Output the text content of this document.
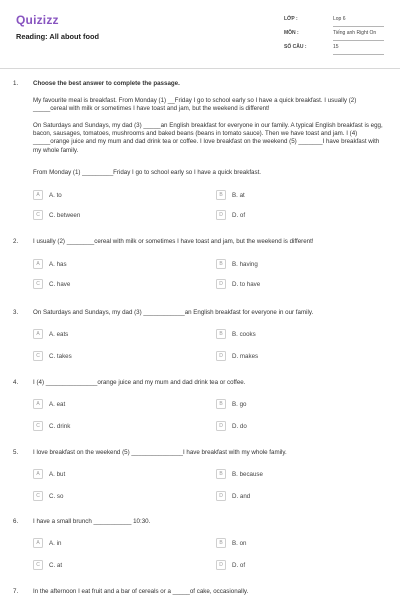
Quizizz
Reading: All about food
LỚP :	Lop 6
MÔN :	Tiếng anh Right On
SỐ CÂU :	15
1. Choose the best answer to complete the passage.
My favourite meal is breakfast. From Monday (1) __Friday I go to school early so I have a quick breakfast. I usually (2) _____cereal with milk or sometimes I have toast and jam, but the weekend is different!
On Saturdays and Sundays, my dad (3) _____an English breakfast for everyone in our family. A typical English breakfast is egg, bacon, sausages, tomatoes, mushrooms and baked beans (beans in tomato sauce). Then we have toast and jam. I (4) _____orange juice and my mum and dad drink tea or coffee. I love breakfast on the weekend (5) _______I have breakfast with my whole family.
From Monday (1) _________Friday I go to school early so I have a quick breakfast.
A	A. to	B	B. at
C	C. between	D	D. of
2. I usually (2) ________cereal with milk or sometimes I have toast and jam, but the weekend is different!
A	A. has	B	B. having
C	C. have	D	D. to have
3. On Saturdays and Sundays, my dad (3) ____________an English breakfast for everyone in our family.
A	A. eats	B	B. cooks
C	C. takes	D	D. makes
4. I (4) _______________orange juice and my mum and dad drink tea or coffee.
A	A. eat	B	B. go
C	C. drink	D	D. do
5. I love breakfast on the weekend (5) _______________I have breakfast with my whole family.
A	A. but	B	B. because
C	C. so	D	D. and
6. I have a small brunch ___________ 10:30.
A	A. in	B	B. on
C	C. at	D	D. of
7. In the afternoon I eat fruit and a bar of cereals or a _____of cake, occasionally.
